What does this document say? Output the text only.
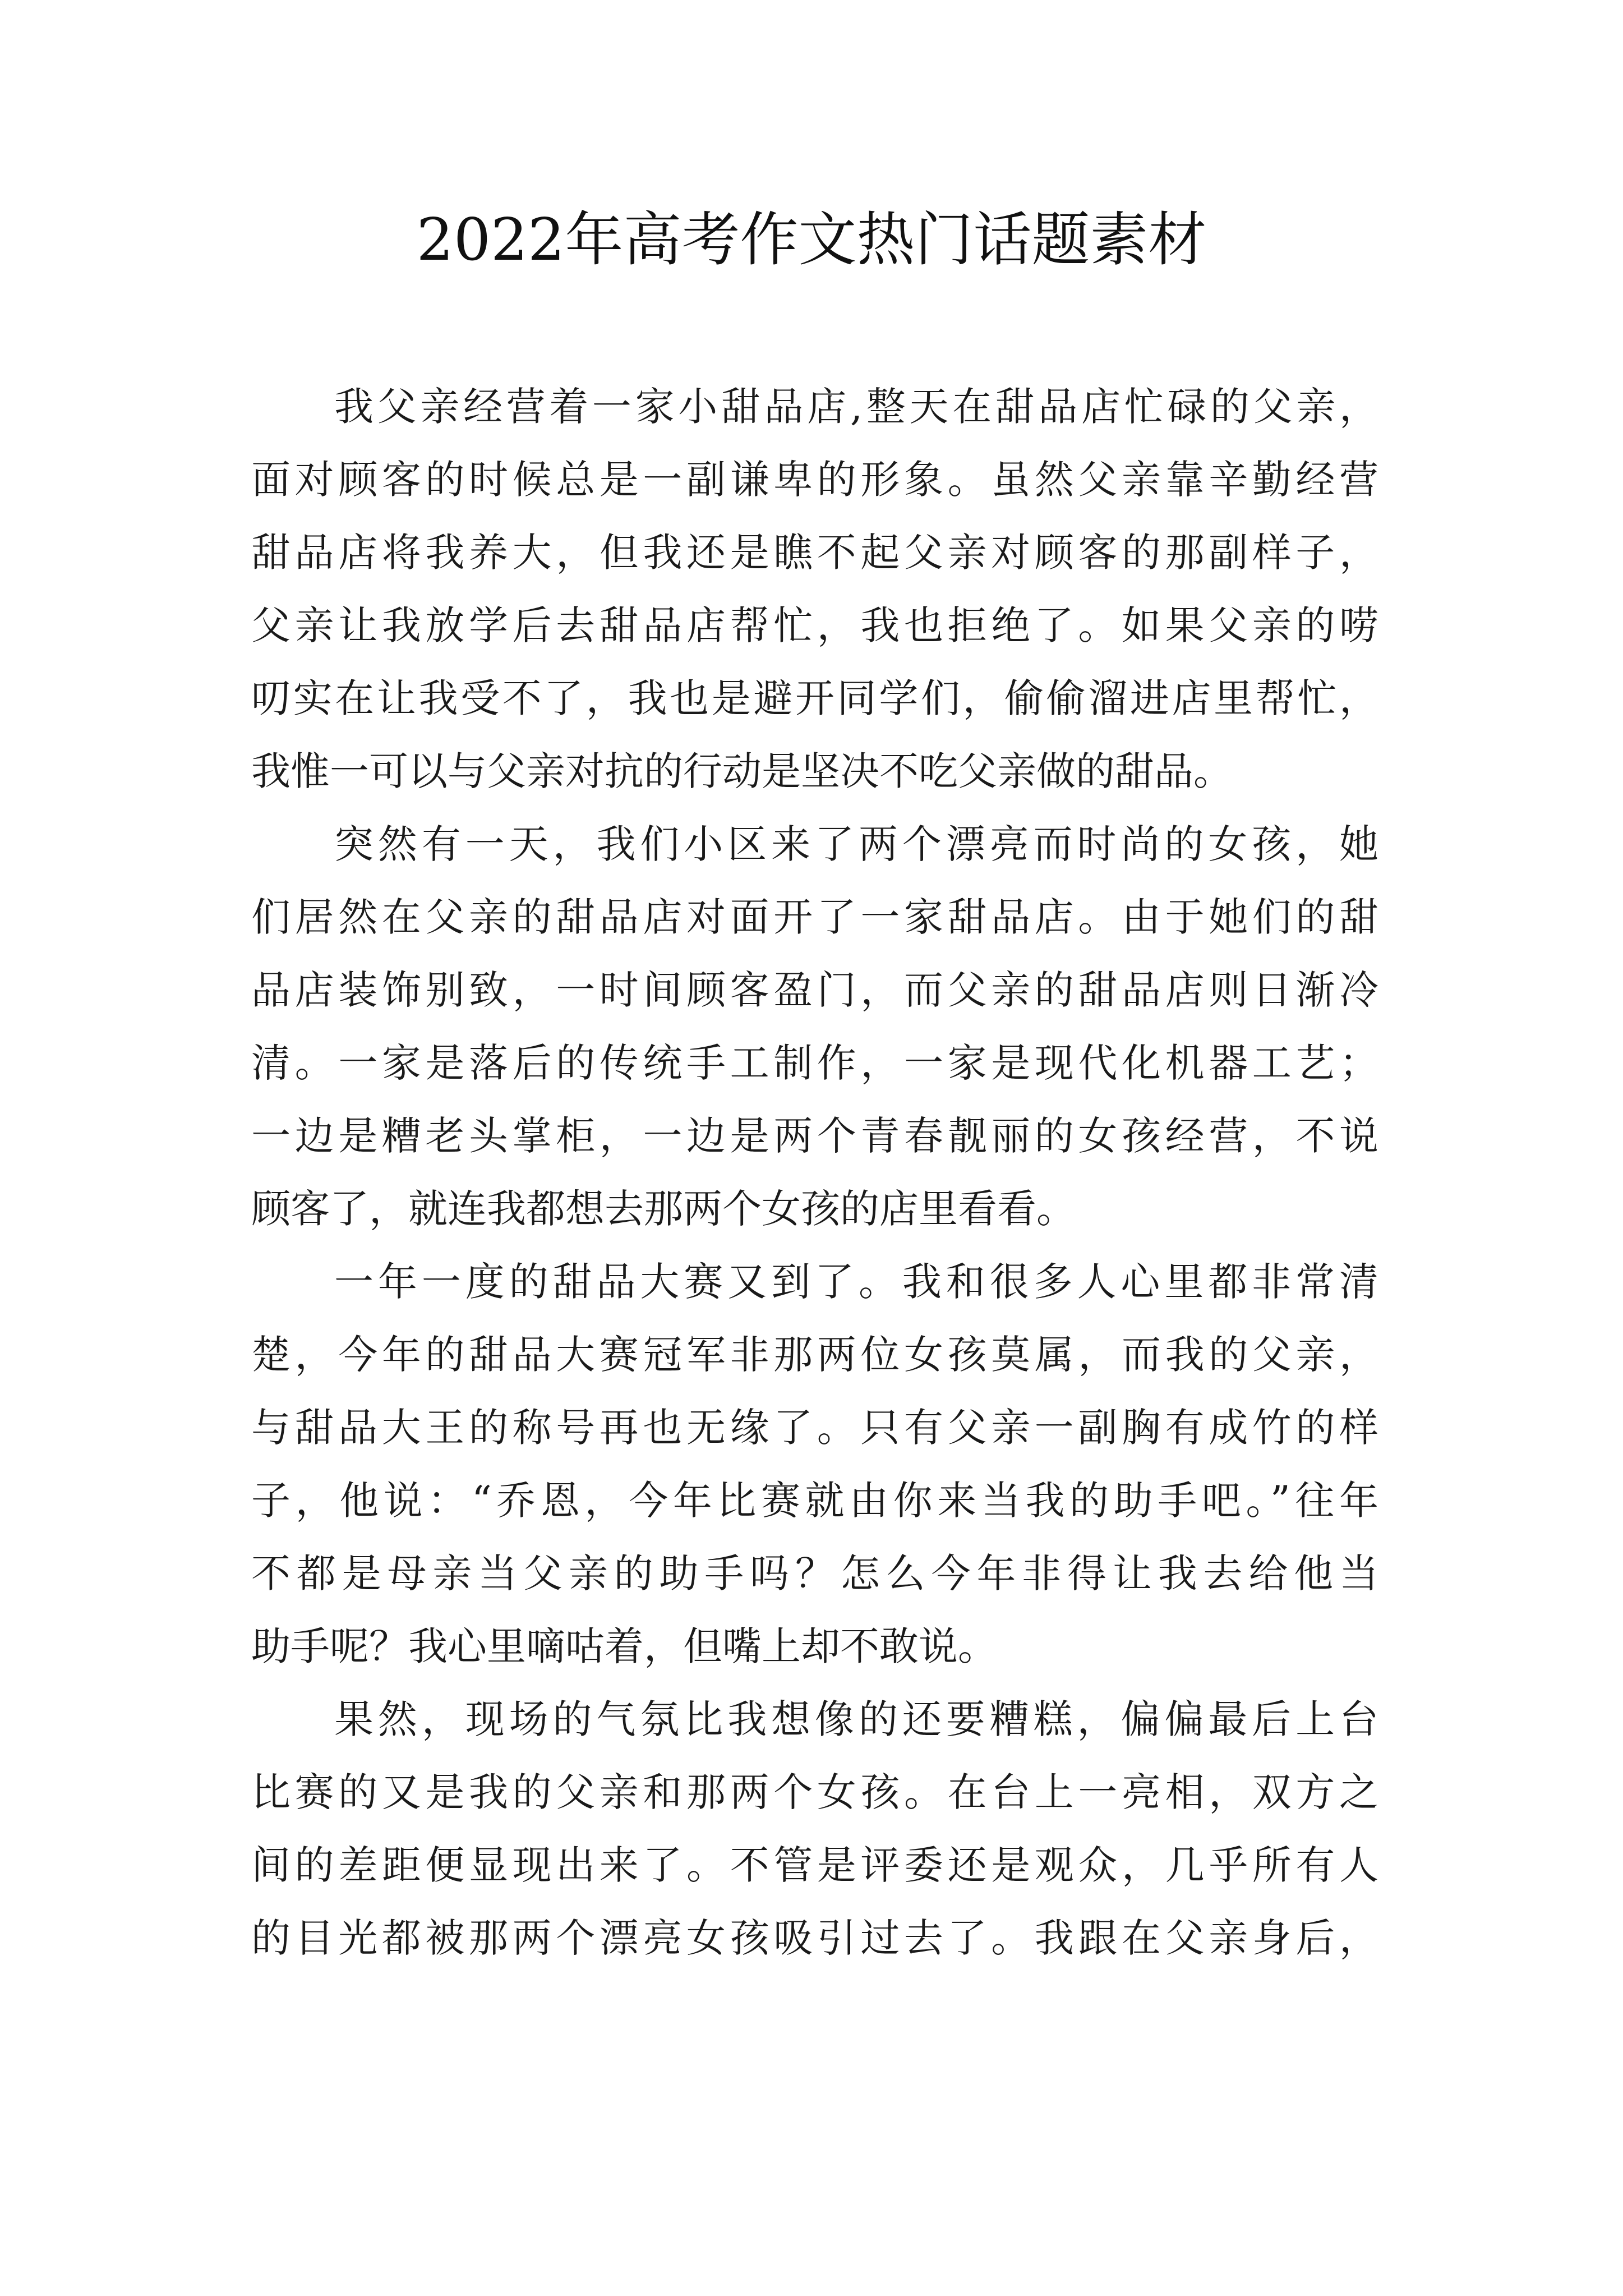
2022年高考作文热门话题素材
我父亲经营着一家小甜品店,整天在甜品店忙碌的父亲，
面对顾客的时候总是一副谦卑的形象。虽然父亲靠辛勤经营
甜品店将我养大，但我还是瞧不起父亲对顾客的那副样子，
父亲让我放学后去甜品店帮忙，我也拒绝了。如果父亲的唠
叨实在让我受不了，我也是避开同学们，偷偷溜进店里帮忙，
我惟一可以与父亲对抗的行动是坚决不吃父亲做的甜品。
突然有一天，我们小区来了两个漂亮而时尚的女孩，她
们居然在父亲的甜品店对面开了一家甜品店。由于她们的甜
品店装饰别致，一时间顾客盈门，而父亲的甜品店则日渐冷
清。一家是落后的传统手工制作，一家是现代化机器工艺；
一边是糟老头掌柜，一边是两个青春靓丽的女孩经营，不说
顾客了，就连我都想去那两个女孩的店里看看。
一年一度的甜品大赛又到了。我和很多人心里都非常清
楚，今年的甜品大赛冠军非那两位女孩莫属，而我的父亲，
与甜品大王的称号再也无缘了。只有父亲一副胸有成竹的样
子，他说：“乔恩，今年比赛就由你来当我的助手吧。”往年
不都是母亲当父亲的助手吗？怎么今年非得让我去给他当
助手呢？我心里嘀咕着，但嘴上却不敢说。
果然，现场的气氛比我想像的还要糟糕，偏偏最后上台
比赛的又是我的父亲和那两个女孩。在台上一亮相，双方之
间的差距便显现出来了。不管是评委还是观众，几乎所有人
的目光都被那两个漂亮女孩吸引过去了。我跟在父亲身后，
